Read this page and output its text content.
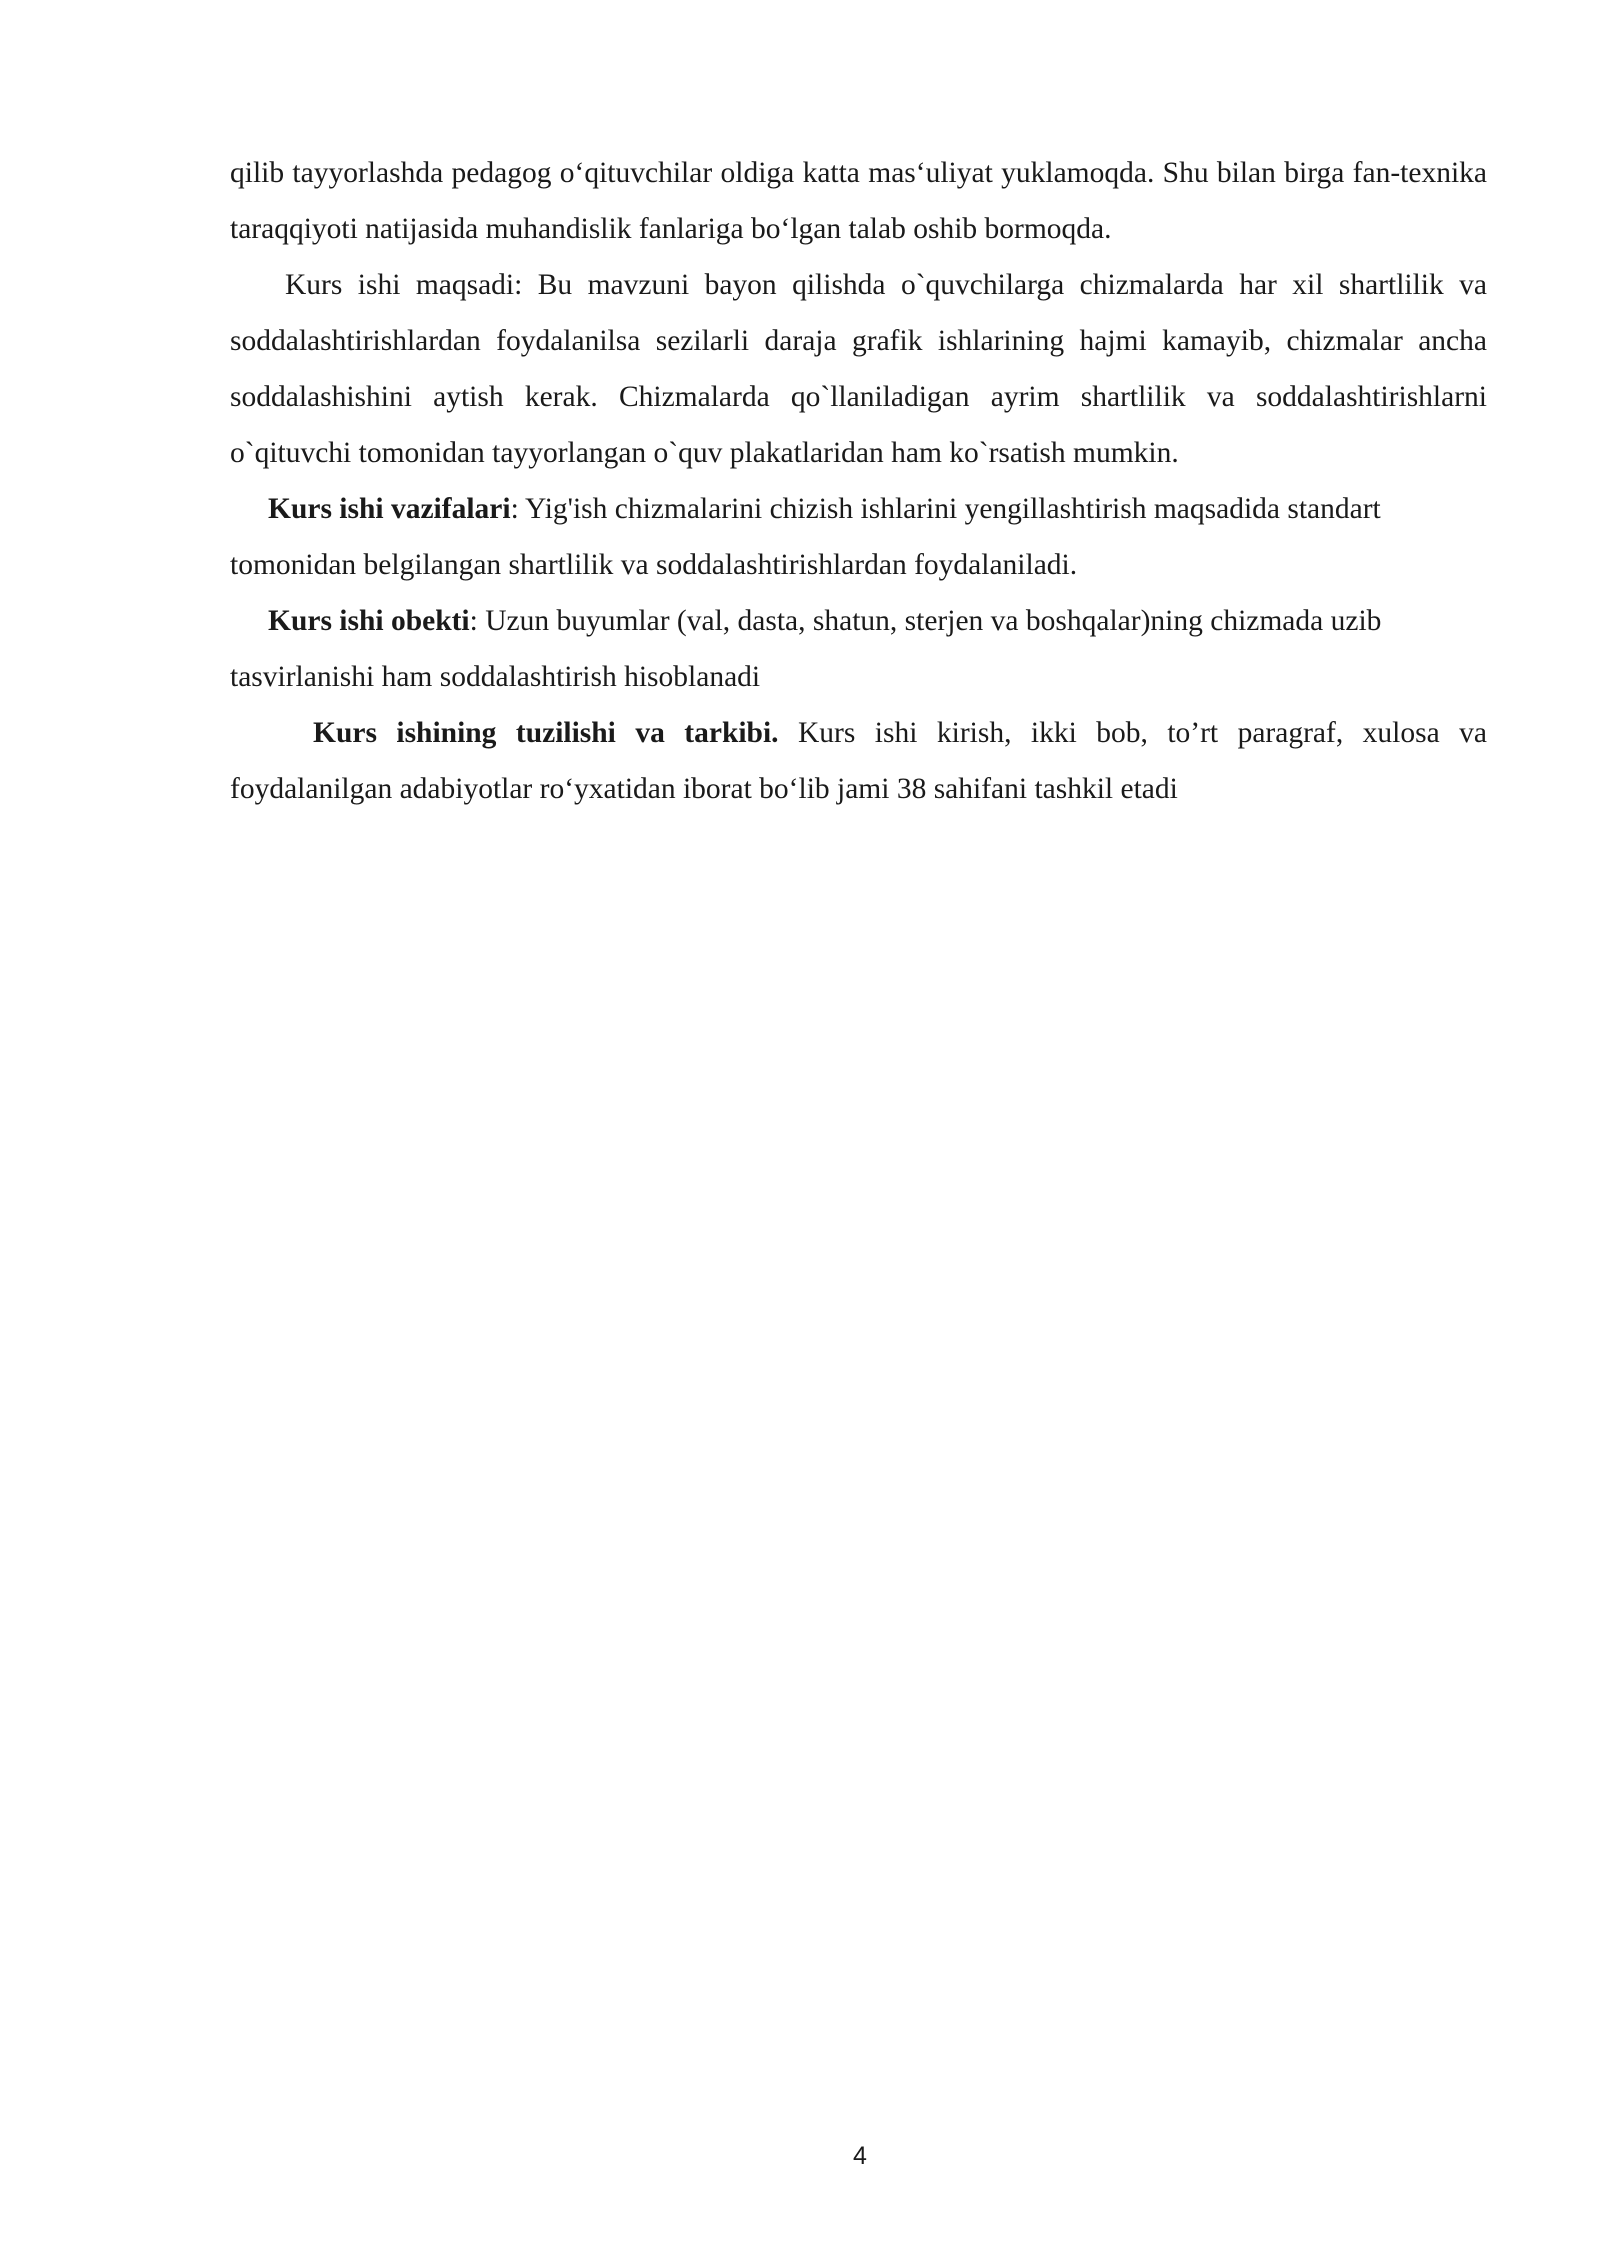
qilib tayyorlashda pedagog o‘qituvchilar oldiga katta mas‘uliyat yuklamoqda. Shu bilan birga fan-texnika taraqqiyoti natijasida muhandislik fanlariga bo‘lgan talab oshib bormoqda.

Kurs ishi maqsadi: Bu mavzuni bayon qilishda o`quvchilarga chizmalarda har xil shartlilik va soddalashtirishlardan foydalanilsa sezilarli daraja grafik ishlarining hajmi kamayib, chizmalar ancha soddalashishini aytish kerak. Chizmalarda qo`llaniladigan ayrim shartlilik va soddalashtirishlarni o`qituvchi tomonidan tayyorlangan o`quv plakatlaridan ham ko`rsatish mumkin.

Kurs ishi vazifalari: Yig'ish chizmalarini chizish ishlarini yengillashtirish maqsadida standart tomonidan belgilangan shartlilik va soddalashtirishlardan foydalaniladi.

Kurs ishi obekti: Uzun buyumlar (val, dasta, shatun, sterjen va boshqalar)ning chizmada uzib tasvirlanishi ham soddalashtirish hisoblanadi

Kurs ishining tuzilishi va tarkibi. Kurs ishi kirish, ikki bob, to’rt paragraf, xulosa va foydalanilgan adabiyotlar ro‘yxatidan iborat bo‘lib jami 38 sahifani tashkil etadi

4
